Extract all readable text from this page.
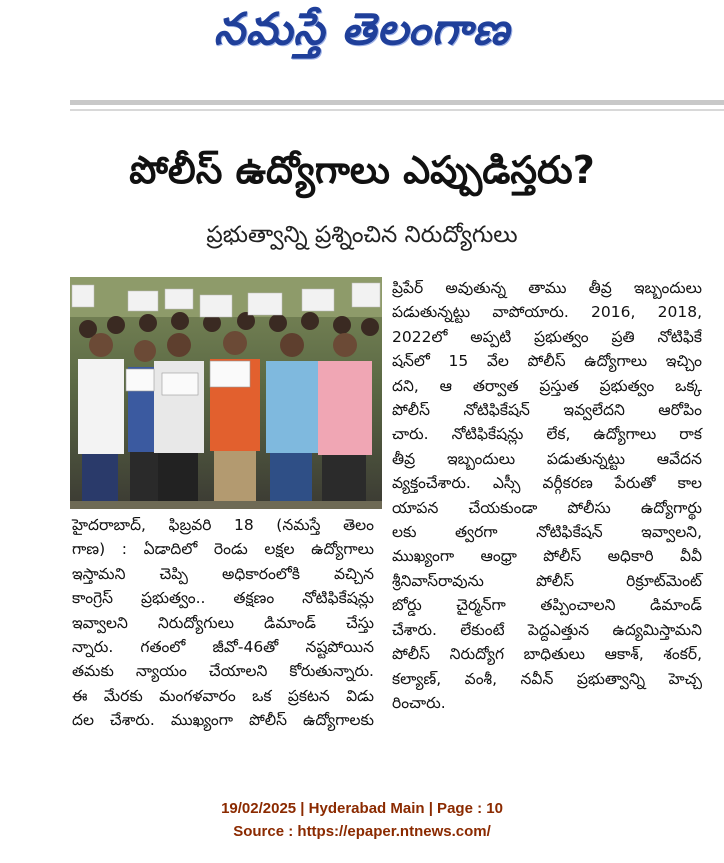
నమస్తే తెలంగాణ
పోలీస్ ఉద్యోగాలు ఎప్పుడిస్తరు?
ప్రభుత్వాన్ని ప్రశ్నించిన నిరుద్యోగులు
హైదరాబాద్, ఫిబ్రవరి 18 (నమస్తే తెలం
గాణ) : ఏడాదిలో రెండు లక్షల ఉద్యోగాలు
ఇస్తామని చెప్పి అధికారంలోకి వచ్చిన
కాంగ్రెస్ ప్రభుత్వం.. తక్షణం నోటిఫికేషన్లు
ఇవ్వాలని నిరుద్యోగులు డిమాండ్ చేస్తు
న్నారు. గతంలో జీవో-46తో నష్టపోయిన
తమకు న్యాయం చేయాలని కోరుతున్నారు.
ఈ మేరకు మంగళవారం ఒక ప్రకటన విడు
దల చేశారు. ముఖ్యంగా పోలీస్ ఉద్యోగాలకు
ప్రిపేర్ అవుతున్న తాము తీవ్ర ఇబ్బందులు
పడుతున్నట్టు వాపోయారు. 2016, 2018,
2022లో అప్పటి ప్రభుత్వం ప్రతి నోటిఫికే
షన్‌లో 15 వేల పోలీస్ ఉద్యోగాలు ఇచ్చిం
దని, ఆ తర్వాత ప్రస్తుత ప్రభుత్వం ఒక్క
పోలీస్ నోటిఫికేషన్ ఇవ్వలేదని ఆరోపిం
చారు. నోటిఫికేషన్లు లేక, ఉద్యోగాలు రాక
తీవ్ర ఇబ్బందులు పడుతున్నట్టు ఆవేదన
వ్యక్తంచేశారు. ఎస్సీ వర్గీకరణ పేరుతో కాల
యాపన చేయకుండా పోలీసు ఉద్యోగార్థు
లకు త్వరగా నోటిఫికేషన్ ఇవ్వాలని,
ముఖ్యంగా ఆంధ్రా పోలీస్ అధికారి వీవీ
శ్రీనివాస్‌రావును పోలీస్ రిక్రూట్‌మెంట్
బోర్డు చైర్మన్‌గా తప్పించాలని డిమాండ్
చేశారు. లేకుంటే పెద్దఎత్తున ఉద్యమిస్తామని
పోలీస్ నిరుద్యోగ బాధితులు ఆకాశ్, శంకర్,
కల్యాణ్, వంశీ, నవీన్ ప్రభుత్వాన్ని హెచ్చ
రించారు.
19/02/2025 | Hyderabad Main | Page : 10
Source : https://epaper.ntnews.com/
